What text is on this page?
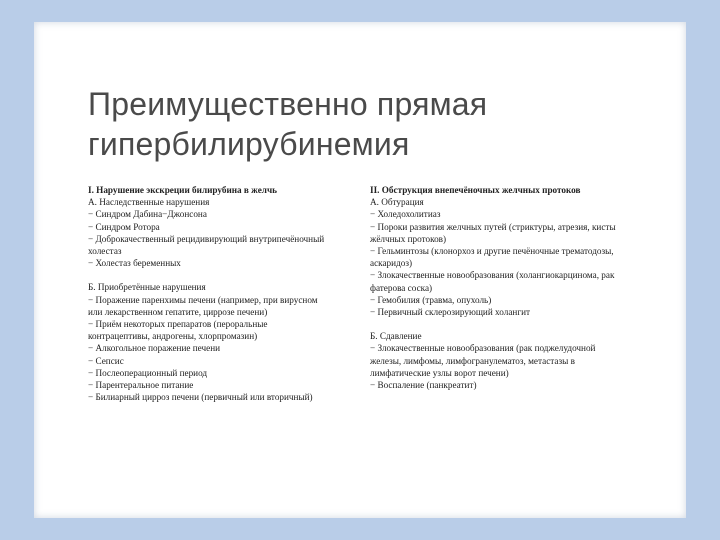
Преимущественно прямая гипербилирубинемия
I. Нарушение экскреции билирубина в желчь
А. Наследственные нарушения
− Синдром Дабина−Джонсона
− Синдром Ротора
− Доброкачественный рецидивирующий внутрипечёночный холестаз
− Холестаз беременных
Б. Приобретённые нарушения
− Поражение паренхимы печени (например, при вирусном или лекарственном гепатите, циррозе печени)
− Приём некоторых препаратов (пероральные контрацептивы, андрогены, хлорпромазин)
− Алкогольное поражение печени
− Сепсис
− Послеоперационный период
− Парентеральное питание
− Билиарный цирроз печени (первичный или вторичный)
II. Обструкция внепечёночных желчных протоков
А. Обтурация
− Холедохолитиаз
− Пороки развития желчных путей (стриктуры, атрезия, кисты жёлчных протоков)
− Гельминтозы (клонорхоз и другие печёночные трематодозы, аскаридоз)
− Злокачественные новообразования (холангиокарцинома, рак фатерова соска)
− Гемобилия (травма, опухоль)
− Первичный склерозирующий холангит
Б. Сдавление
− Злокачественные новообразования (рак поджелудочной железы, лимфомы, лимфогранулематоз, метастазы в лимфатические узлы ворот печени)
− Воспаление (панкреатит)
